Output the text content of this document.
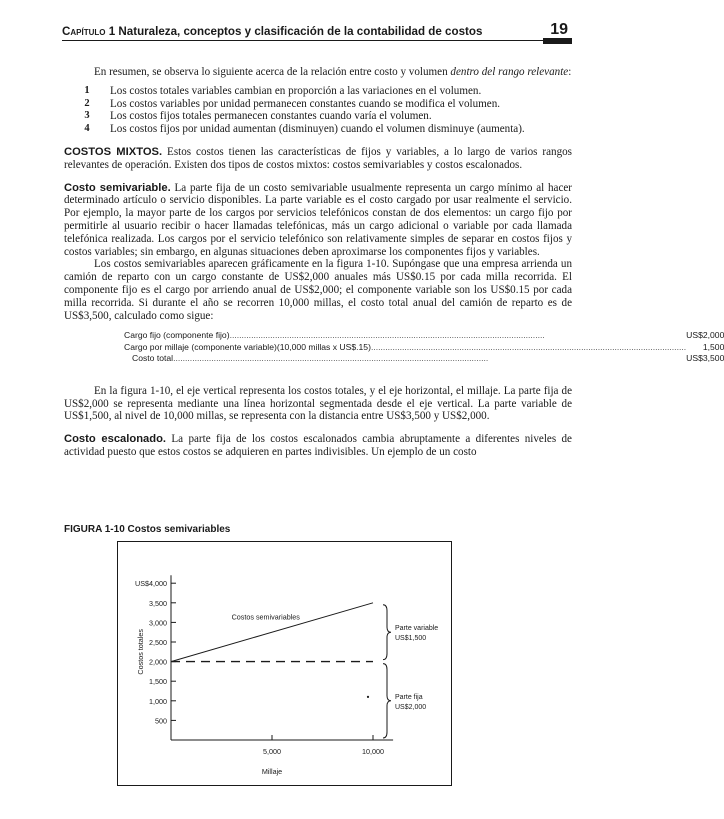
Capítulo 1 Naturaleza, conceptos y clasificación de la contabilidad de costos	19

En resumen, se observa lo siguiente acerca de la relación entre costo y volumen dentro del rango relevante:

1	Los costos totales variables cambian en proporción a las variaciones en el volumen.
2	Los costos variables por unidad permanecen constantes cuando se modifica el volumen.
3	Los costos fijos totales permanecen constantes cuando varía el volumen.
4	Los costos fijos por unidad aumentan (disminuyen) cuando el volumen disminuye (aumenta).

COSTOS MIXTOS. Estos costos tienen las características de fijos y variables, a lo largo de varios rangos relevantes de operación. Existen dos tipos de costos mixtos: costos semivariables y costos escalonados.

Costo semivariable. La parte fija de un costo semivariable usualmente representa un cargo mínimo al hacer determinado artículo o servicio disponibles. La parte variable es el costo cargado por usar realmente el servicio. Por ejemplo, la mayor parte de los cargos por servicios telefónicos constan de dos elementos: un cargo fijo por permitirle al usuario recibir o hacer llamadas telefónicas, más un cargo adicional o variable por cada llamada telefónica realizada. Los cargos por el servicio telefónico son relativamente simples de separar en costos fijos y costos variables; sin embargo, en algunas situaciones deben aproximarse los componentes fijos y variables.

Los costos semivariables aparecen gráficamente en la figura 1-10. Supóngase que una empresa arrienda un camión de reparto con un cargo constante de US$2,000 anuales más US$0.15 por cada milla recorrida. El componente fijo es el cargo por arriendo anual de US$2,000; el componente variable son los US$0.15 por cada milla recorrida. Si durante el año se recorren 10,000 millas, el costo total anual del camión de reparto es de US$3,500, calculado como sigue:

Cargo fijo (componente fijo)....................................................................................................................................	US$	2,000
Cargo por millaje (componente variable)(10,000 millas x US$.15)....................................................................................................................................		1,500
Costo total....................................................................................................................................	US$	3,500

En la figura 1-10, el eje vertical representa los costos totales, y el eje horizontal, el millaje. La parte fija de US$2,000 se representa mediante una línea horizontal segmentada desde el eje vertical. La parte variable de US$1,500, al nivel de 10,000 millas, se representa con la distancia entre US$3,500 y US$2,000.

Costo escalonado. La parte fija de los costos escalonados cambia abruptamente a diferentes niveles de actividad puesto que estos costos se adquieren en partes indivisibles. Un ejemplo de un costo

FIGURA 1-10 Costos semivariables
500
1,000
1,500
2,000
2,500
3,000
3,500
US$4,000
5,000	10,000
Millaje
Costos totales
Costos semivariables
Parte variable
US$1,500
Parte fija
US$2,000
